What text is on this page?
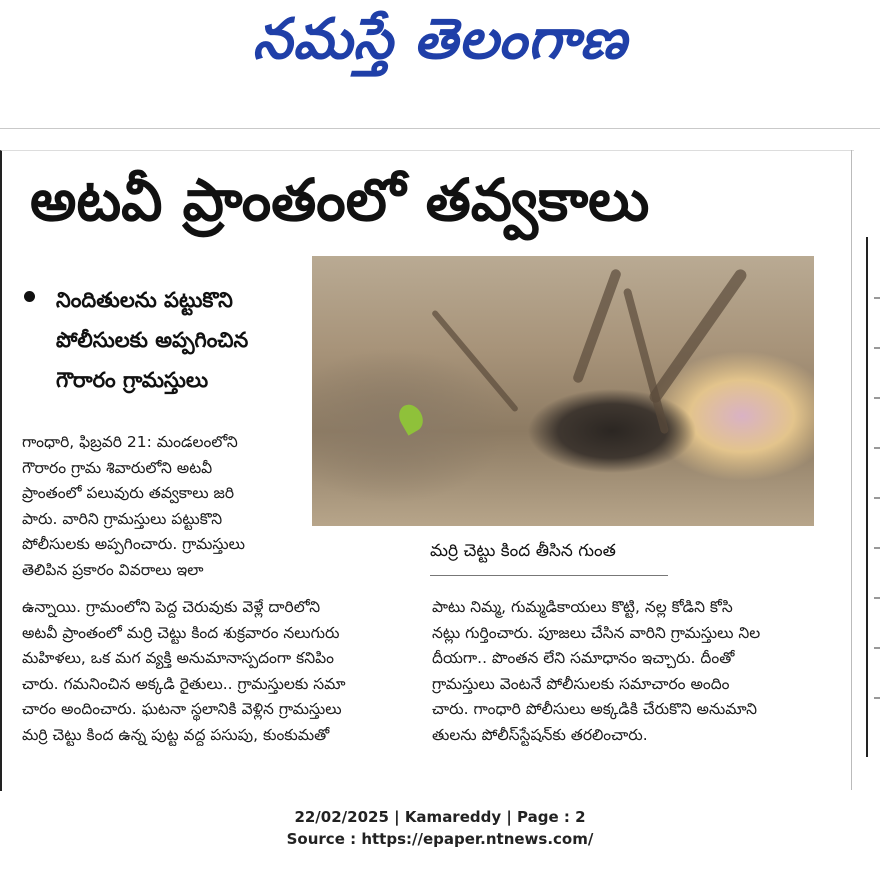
నమస్తే తెలంగాణ
అటవీ ప్రాంతంలో తవ్వకాలు
నిందితులను పట్టుకొని
పోలీసులకు అప్పగించిన
గౌరారం గ్రామస్తులు
మర్రి చెట్టు కింద తీసిన గుంత
గాంధారి, ఫిబ్రవరి 21: మండలంలోని
గౌరారం గ్రామ శివారులోని అటవీ
ప్రాంతంలో పలువురు తవ్వకాలు జరి
పారు. వారిని గ్రామస్తులు పట్టుకొని
పోలీసులకు అప్పగించారు. గ్రామస్తులు
తెలిపిన ప్రకారం వివరాలు ఇలా
ఉన్నాయి. గ్రామంలోని పెద్ద చెరువుకు వెళ్లే దారిలోని
అటవీ ప్రాంతంలో మర్రి చెట్టు కింద శుక్రవారం నలుగురు
మహిళలు, ఒక మగ వ్యక్తి అనుమానాస్పదంగా కనిపిం
చారు. గమనించిన అక్కడి రైతులు.. గ్రామస్తులకు సమా
చారం అందించారు. ఘటనా స్థలానికి వెళ్లిన గ్రామస్తులు
మర్రి చెట్టు కింద ఉన్న పుట్ట వద్ద పసుపు, కుంకుమతో
పాటు నిమ్మ, గుమ్మడికాయలు కొట్టి, నల్ల కోడిని కోసి
నట్లు గుర్తించారు. పూజలు చేసిన వారిని గ్రామస్తులు నిల
దీయగా.. పొంతన లేని సమాధానం ఇచ్చారు. దీంతో
గ్రామస్తులు వెంటనే పోలీసులకు సమాచారం అందిం
చారు. గాంధారి పోలీసులు అక్కడికి చేరుకొని అనుమాని
తులను పోలీస్‌స్టేషన్‌కు తరలించారు.
22/02/2025 | Kamareddy | Page : 2
Source : https://epaper.ntnews.com/
